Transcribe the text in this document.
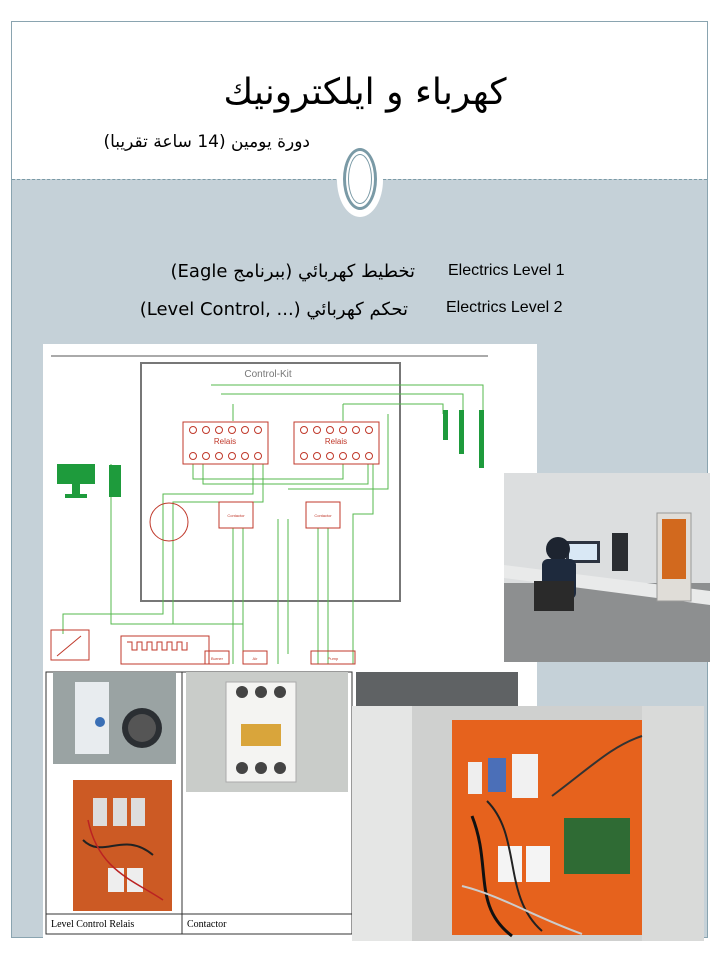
كهرباء و ايلكترونيك
دورة يومين (14 ساعة تقريبا)
تخطيط كهربائي (ببرنامج Eagle) Electrics Level 1
تحكم كهربائي (... ,Level Control) Electrics Level 2
Control-Kit
Relais	Relais
Contactor	Contactor
Burner	Air	Pump
Level Control Relais	Contactor
